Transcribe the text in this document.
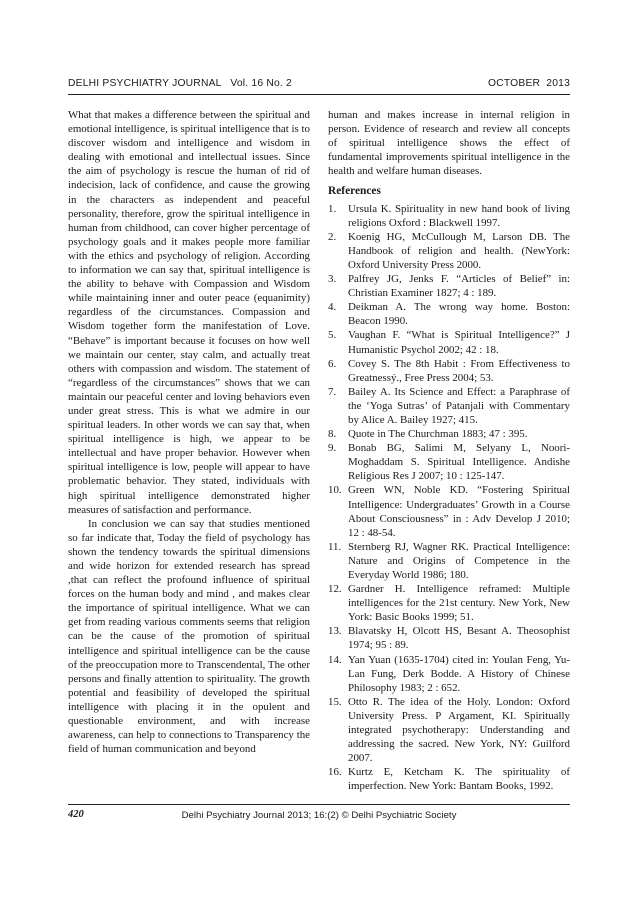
DELHI PSYCHIATRY JOURNAL   Vol. 16 No. 2	OCTOBER  2013

What that makes a difference between the spiritual and emotional intelligence, is spiritual intelligence that is to discover wisdom and intelligence and wisdom in dealing with emotional and intellectual issues. Since the aim of psychology is rescue the human of rid of indecision, lack of confidence, and cause the growing in the characters as independent and peaceful personality, therefore, grow the spiritual intelligence in human from childhood, can cover higher percentage of psychology goals and it makes people more familiar with the ethics and psychology of religion. According to information we can say that, spiritual intelligence is the ability to behave with Compassion and Wisdom while maintaining inner and outer peace (equanimity) regardless of the circumstances. Compassion and Wisdom together form the manifestation of Love. “Behave” is important because it focuses on how well we maintain our center, stay calm, and actually treat others with compassion and wisdom. The statement of “regardless of the circumstances” shows that we can maintain our peaceful center and loving behaviors even under great stress. This is what we admire in our spiritual leaders. In other words we can say that, when spiritual intelligence is high, we appear to be intellectual and have proper behavior. However when spiritual intelligence is low, people will appear to have problematic behavior. They stated, individuals with high spiritual intelligence demonstrated higher measures of satisfaction and performance.

In conclusion we can say that studies mentioned so far indicate that, Today the field of psychology has shown the tendency towards the spiritual dimensions and wide horizon for extended research has spread ,that can reflect the profound influence of spiritual forces on the human body and mind , and makes clear the importance of spiritual intelligence. What we can get from reading various comments seems that religion can be the cause of the promotion of spiritual intelligence and spiritual intelligence can be the cause of the preoccupation more to Transcendental, The other persons and finally attention to spirituality. The growth potential and feasibility of developed the spiritual intelligence with placing it in the opulent and questionable environment, and with increase awareness, can help to connections to Transparency the field of human communication and beyond

human and makes increase in internal religion in person. Evidence of research and review all concepts of spiritual intelligence shows the effect of fundamental improvements spiritual intelligence in the health and welfare human diseases.

References
1. Ursula K. Spirituality in new hand book of living religions Oxford : Blackwell 1997.
2. Koenig HG, McCullough M, Larson DB. The Handbook of religion and health. (NewYork: Oxford University Press 2000.
3. Palfrey JG, Jenks F. “Articles of Belief” in: Christian Examiner 1827; 4 : 189.
4. Deikman A. The wrong way home. Boston: Beacon 1990.
5. Vaughan F. “What is Spiritual Intelligence?” J Humanistic Psychol 2002; 42 : 18.
6. Covey S. The 8th Habit : From Effectiveness to Greatnessý., Free Press 2004; 53.
7. Bailey A. Its Science and Effect: a Paraphrase of the ‘Yoga Sutras’ of Patanjali with Commentary by Alice A. Bailey 1927; 415.
8. Quote in The Churchman 1883; 47 : 395.
9. Bonab BG, Salimi M, Selyany L, Noori-Moghaddam S. Spiritual Intelligence. Andishe Religious Res J 2007; 10 : 125-147.
10. Green WN, Noble KD. “Fostering Spiritual Intelligence: Undergraduates’ Growth in a Course About Consciousness” in : Adv Develop J 2010; 12 : 48-54.
11. Sternberg RJ, Wagner RK. Practical Intelligence: Nature and Origins of Competence in the Everyday World 1986; 180.
12. Gardner H. Intelligence reframed: Multiple intelligences for the 21st century. New York, New York: Basic Books 1999; 51.
13. Blavatsky H, Olcott HS, Besant A. Theosophist 1974; 95 : 89.
14. Yan Yuan (1635-1704) cited in: Youlan Feng, Yu-Lan Fung, Derk Bodde. A History of Chinese Philosophy 1983; 2 : 652.
15. Otto R. The idea of the Holy. London: Oxford University Press. P Argament, KI. Spiritually integrated psychotherapy: Understanding and addressing the sacred. New York, NY: Guilford 2007.
16. Kurtz E, Ketcham K. The spirituality of imperfection. New York: Bantam Books, 1992.
420	Delhi Psychiatry Journal 2013; 16:(2) © Delhi Psychiatric Society
